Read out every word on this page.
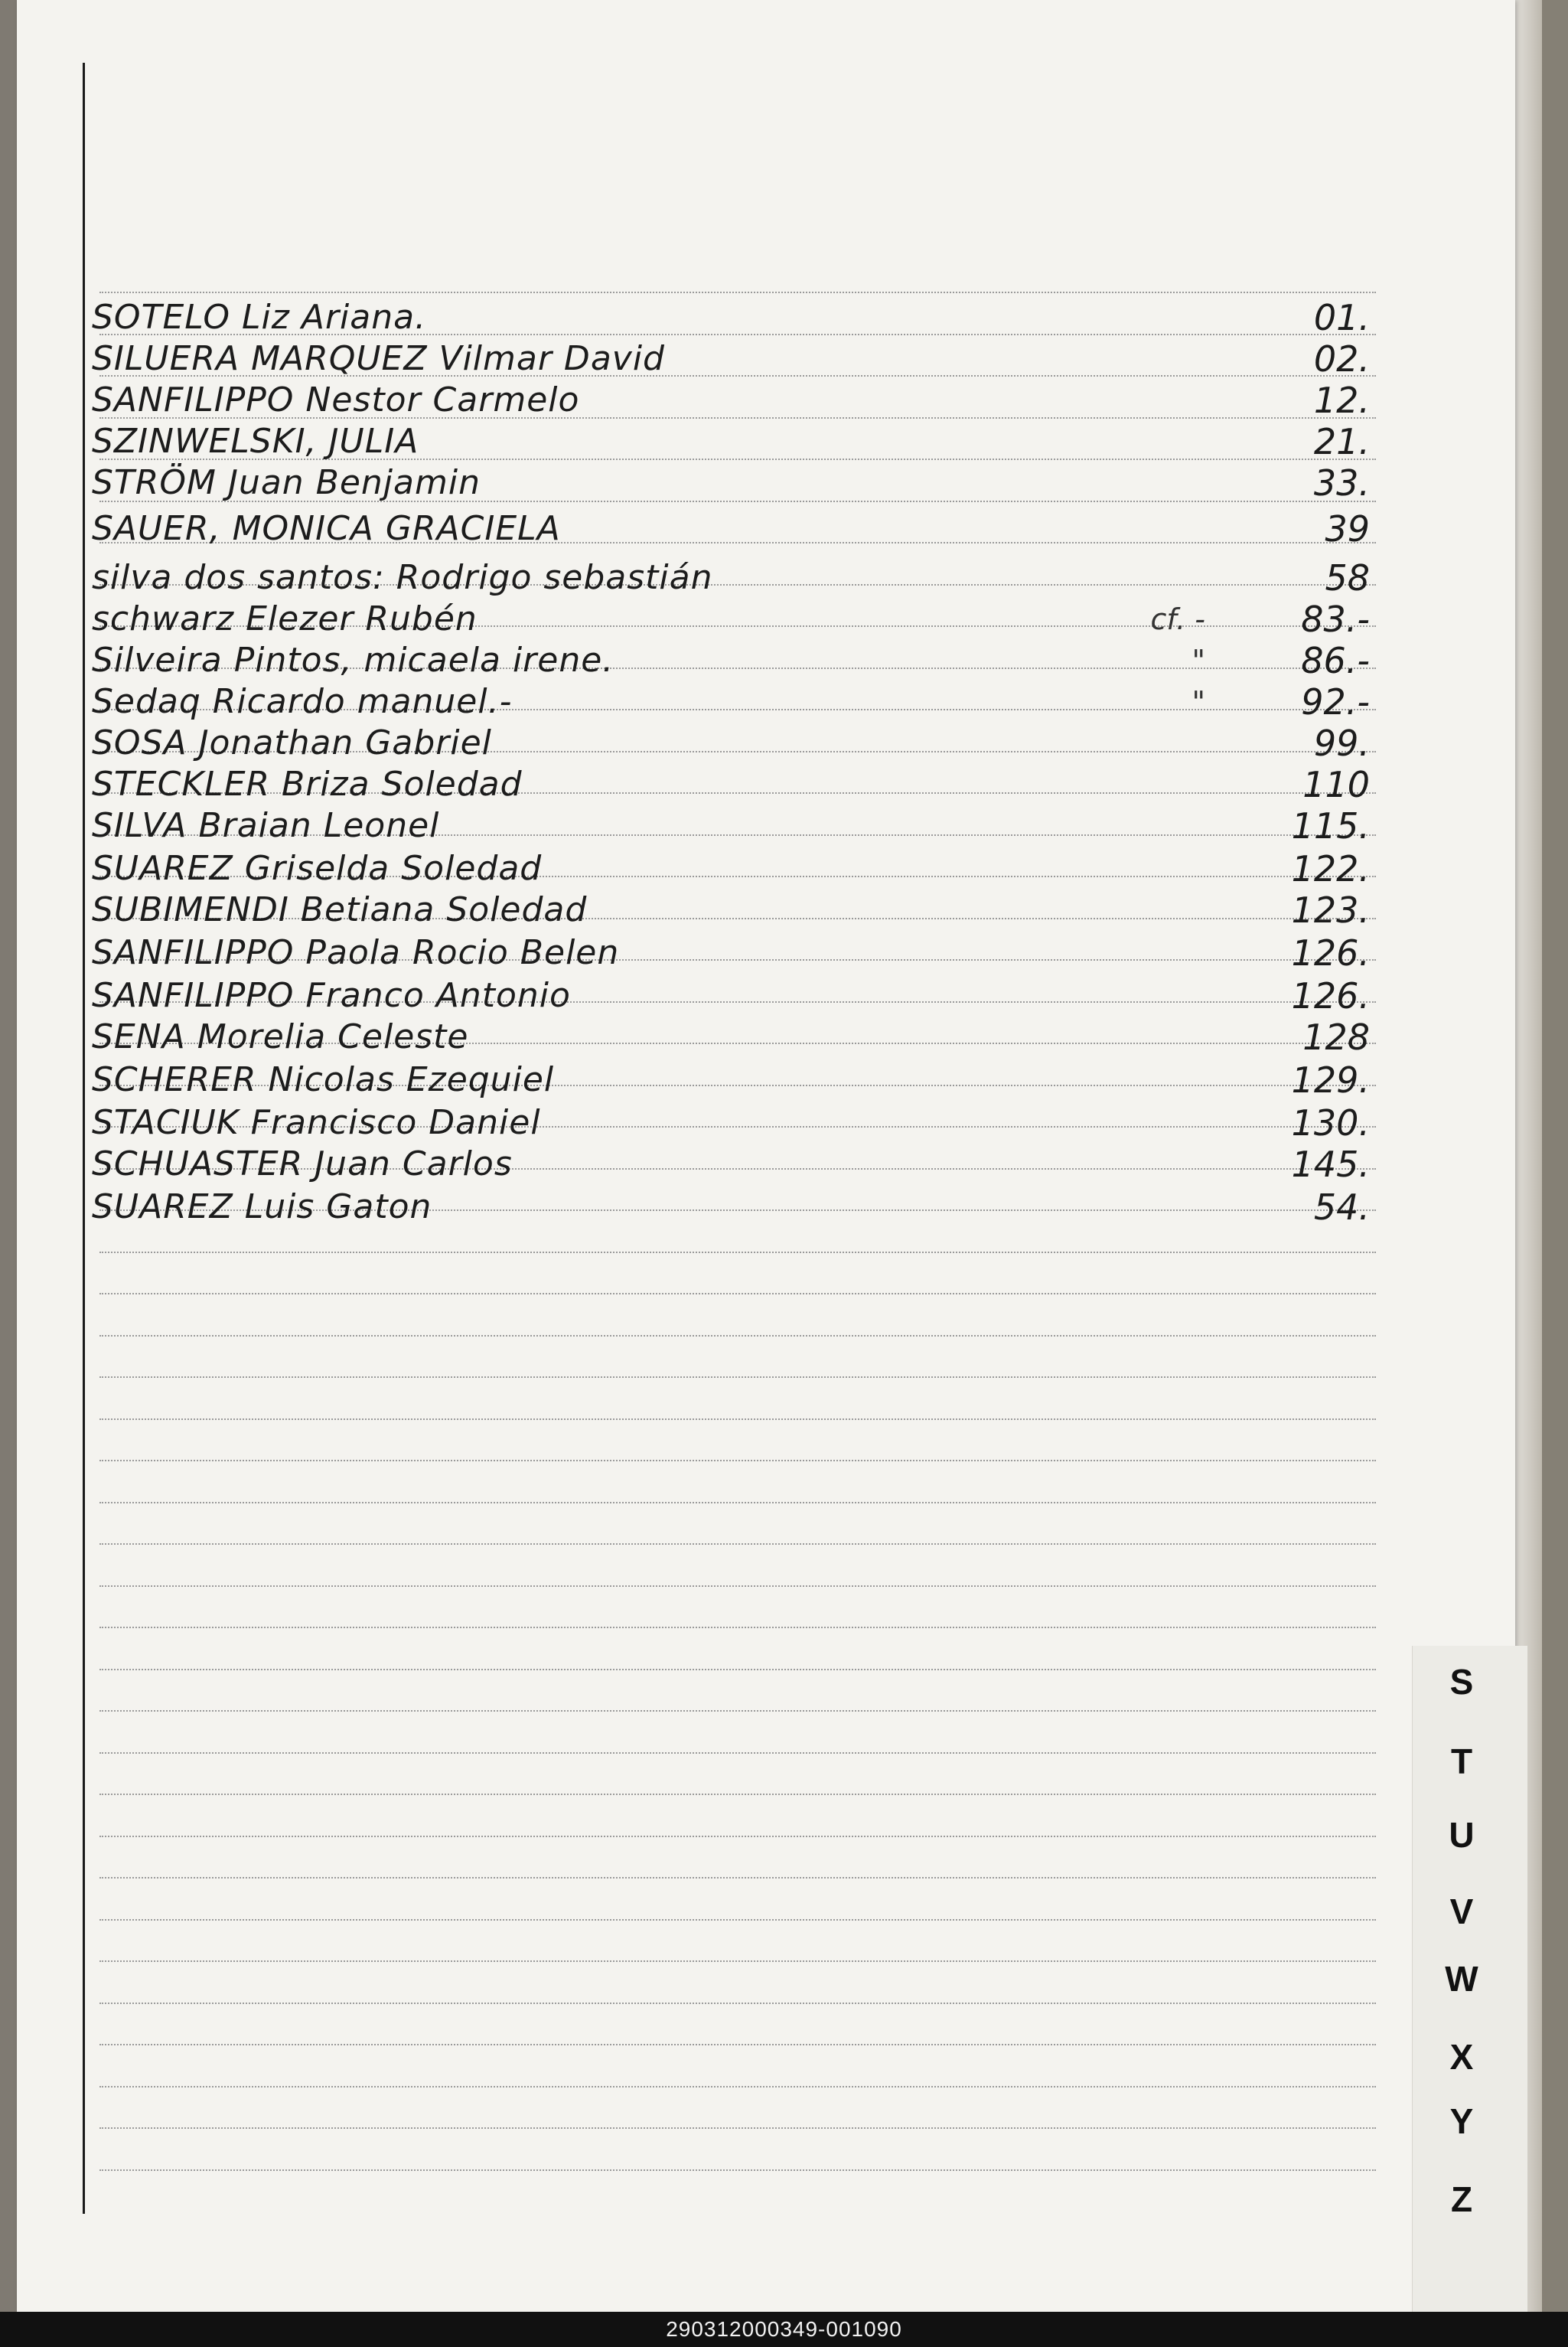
SOTELO Liz Ariana.	01.
SILUERA MARQUEZ Vilmar David	02.
SANFILIPPO Nestor Carmelo	12.
SZINWELSKI, JULIA	21.
STRÖM Juan Benjamin	33.
SAUER, MONICA GRACIELA	39
silva dos santos: Rodrigo sebastián	58
schwarz Elezer Rubén	cf. -	83.-
Silveira Pintos, micaela irene.	"	86.-
Sedaq Ricardo manuel.-	"	92.-
SOSA Jonathan Gabriel	99.
STECKLER Briza Soledad	110
SILVA Braian Leonel	115.
SUAREZ Griselda Soledad	122.
SUBIMENDI Betiana Soledad	123.
SANFILIPPO Paola Rocio Belen	126.
SANFILIPPO Franco Antonio	126.
SENA Morelia Celeste	128
SCHERER Nicolas Ezequiel	129.
STACIUK Francisco Daniel	130.
SCHUASTER Juan Carlos	145.
SUAREZ Luis Gaton	54.
S
T
U
V
W
X
Y
Z
290312000349-001090
